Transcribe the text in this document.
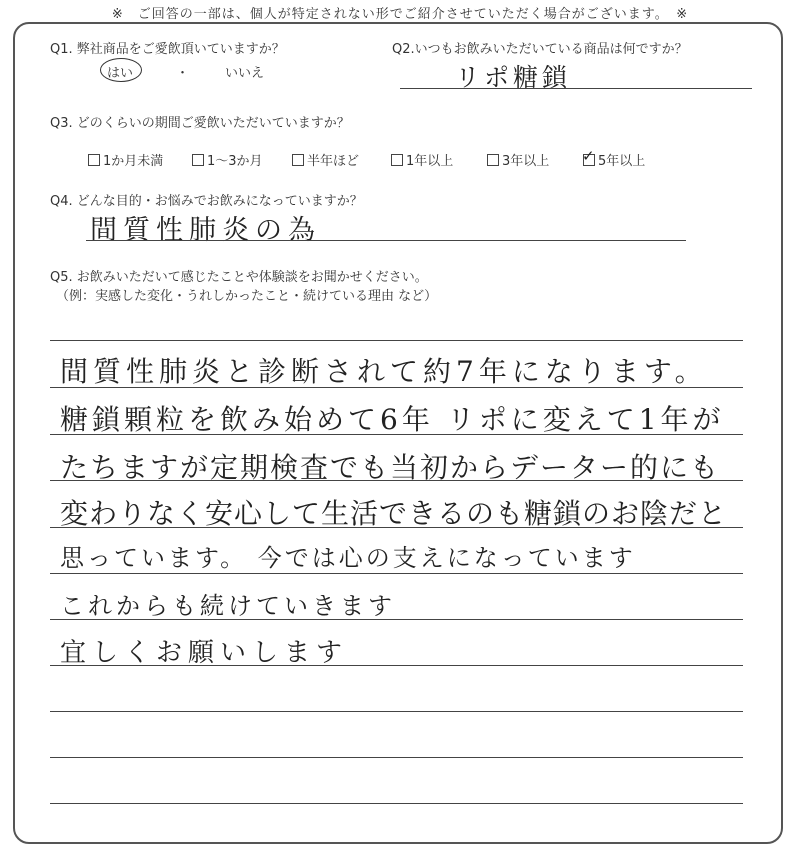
※　ご回答の一部は、個人が特定されない形でご紹介させていただく場合がございます。　※
Q1. 弊社商品をご愛飲頂いていますか？
はい	・	いいえ
Q2.いつもお飲みいただいている商品は何ですか？
リポ糖鎖
Q3. どのくらいの期間ご愛飲いただいていますか？
1か月未満	1～3か月	半年ほど	1年以上	3年以上 ✓ 5年以上
Q4. どんな目的・お悩みでお飲みになっていますか？
間質性肺炎の為
Q5. お飲みいただいて感じたことや体験談をお聞かせください。
（例：実感した変化・うれしかったこと・続けている理由 など）
間質性肺炎と診断されて約7年になります。
糖鎖顆粒を飲み始めて6年 リポに変えて1年が
たちますが定期検査でも当初からデーター的にも
変わりなく安心して生活できるのも糖鎖のお陰だと
思っています。 今では心の支えになっています
これからも続けていきます
宜しくお願いします
